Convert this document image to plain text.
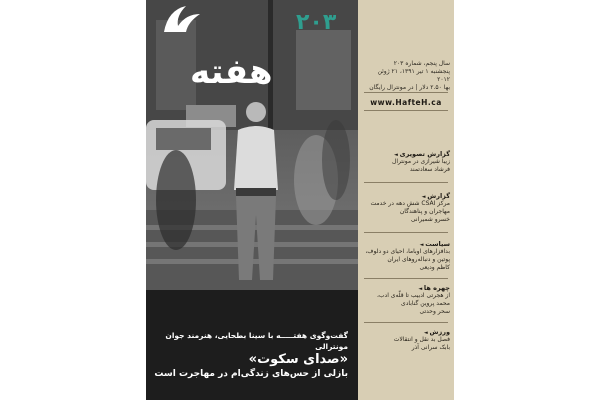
هفته
۲۰۳
گفت‌وگوی هفتـــــه با سینا بطحایی، هنرمند جوان مونترالی
«صدای سکوت»
بازلی از حس‌های زندگی‌ام در مهاجرت است
سال پنجم، شماره ۲۰۳
پنجشنبه ۱ تیر ۱۳۹۱، ۲۱ ژوئن ۲۰۱۲
بها ۲.۵۰ دلار | در مونترال رایگان
www.HafteH.ca
گزارش تصویری ◄
زیبا شیرازی در مونترال
فرشاد سعادتمند
گزارش ◄
مرکز CSAI شش دهه در خدمت
مهاجران و پناهندگان
خسرو شمیرانی
سیاست ◄
بدافزارهای اوباما، احیای دو دلوف،
پوتین و دنباله‌روهای ایران
کاظم ودیعی
چهره ها ◄
از هجرتی ادبیب تا قلّه‌ی ادب،
محمد پروین گنابادی
سحر وحدتی
ورزش ◄
فصل بد نقل و انتقالات
بابک سرانی آذر
